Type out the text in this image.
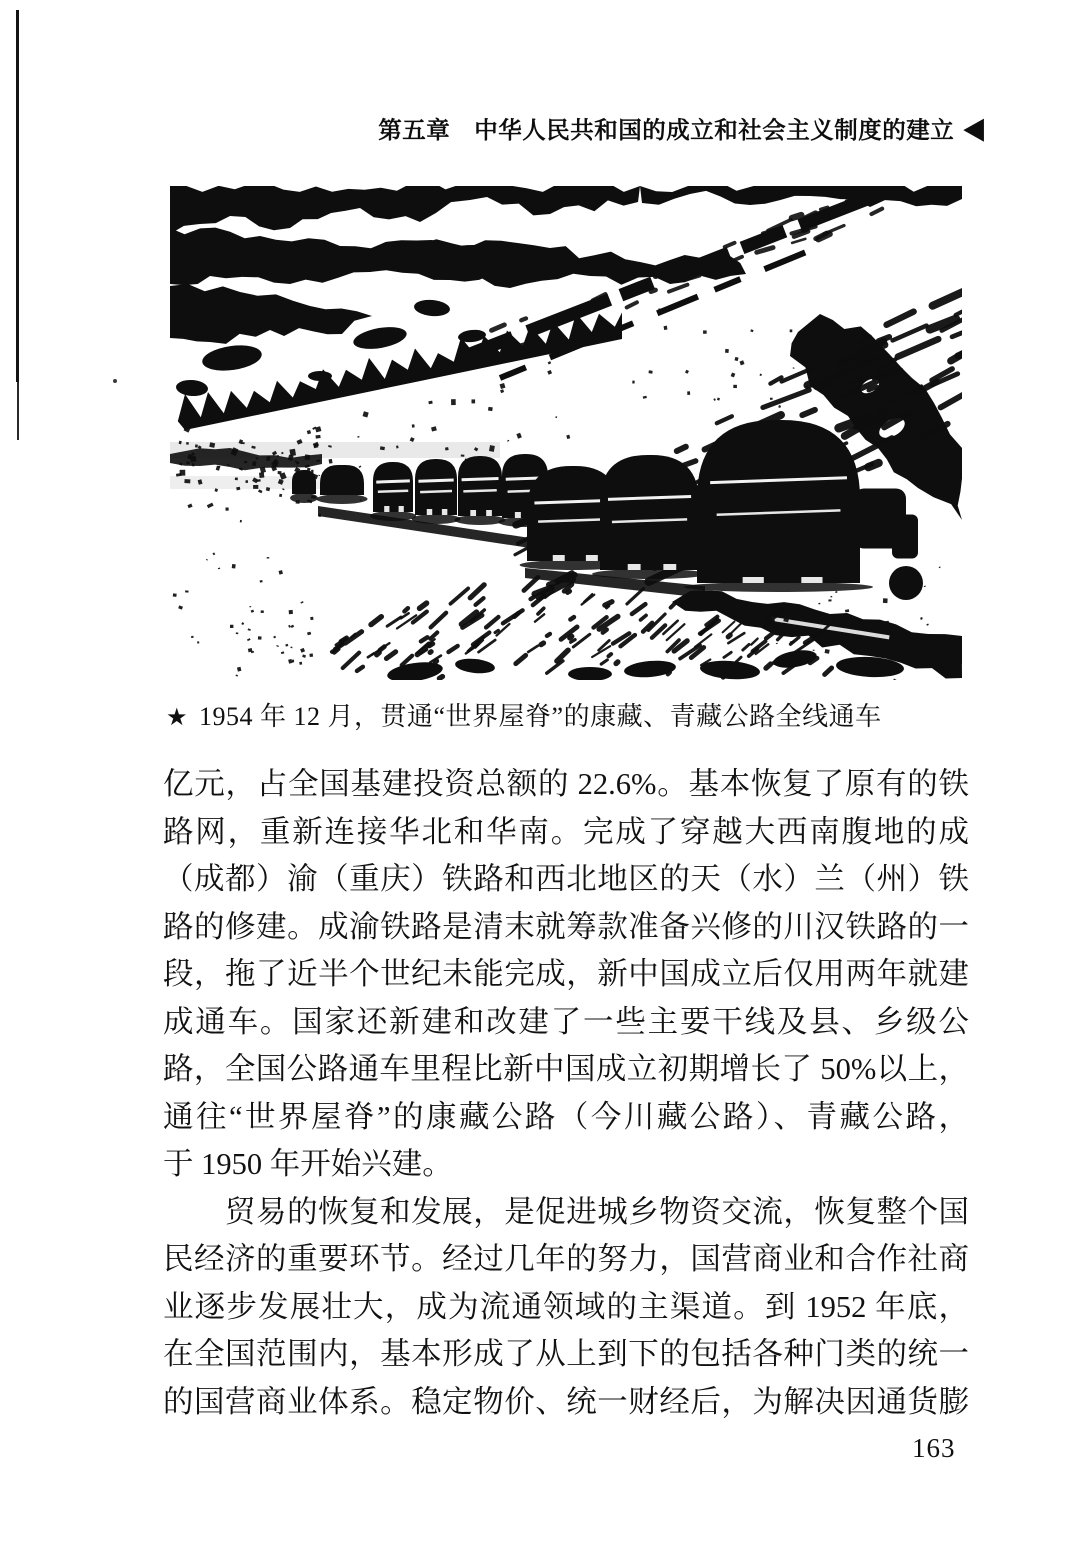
第五章 中华人民共和国的成立和社会主义制度的建立 ◀
★ 1954 年 12 月，贯通“世界屋脊”的康藏、青藏公路全线通车
亿元，占全国基建投资总额的 22.6%。基本恢复了原有的铁
路网，重新连接华北和华南。完成了穿越大西南腹地的成
（成都）渝（重庆）铁路和西北地区的天（水）兰（州）铁
路的修建。成渝铁路是清末就筹款准备兴修的川汉铁路的一
段，拖了近半个世纪未能完成，新中国成立后仅用两年就建
成通车。国家还新建和改建了一些主要干线及县、乡级公
路，全国公路通车里程比新中国成立初期增长了 50%以上，
通往“世界屋脊”的康藏公路（今川藏公路）、青藏公路，
于 1950 年开始兴建。
　　贸易的恢复和发展，是促进城乡物资交流，恢复整个国
民经济的重要环节。经过几年的努力，国营商业和合作社商
业逐步发展壮大，成为流通领域的主渠道。到 1952 年底，
在全国范围内，基本形成了从上到下的包括各种门类的统一
的国营商业体系。稳定物价、统一财经后，为解决因通货膨
163
